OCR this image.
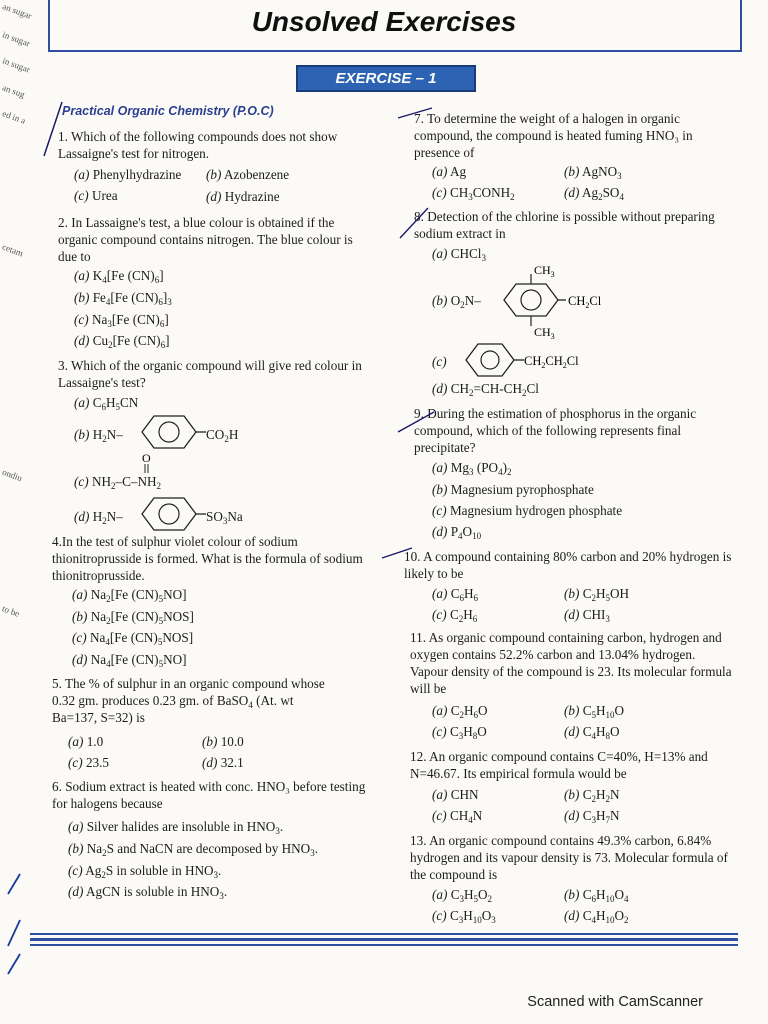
Unsolved Exercises
EXERCISE – 1
Practical Organic Chemistry (P.O.C)
an sugar
in sugar
in sugar
an sug
ed in a
cetam
ondiu
to be
1. Which of the following compounds does not show Lassaigne's test for nitrogen.
(a) Phenylhydrazine (b) Azobenzene
(c) Urea	(d) Hydrazine
2. In Lassaigne's test, a blue colour is obtained if the organic compound contains nitrogen. The blue colour is due to
(a) $K_4[Fe$ $(CN)_6$]
(b) $Fe_4[Fe$ $(CN)_6]_3$
(c) $Na_3[Fe$ $(CN)_6$]
(d) $Cu_2[Fe$ $(CN)_6$]
3. Which of the organic compound will give red colour in Lassaigne's test?
(a) $C_6H_5CN$
(b) $H_2N-$	$CO_2H$
(c) $NH_2-C-NH_2$
O
(d) $H_2N-$	$SO_3Na$
4.In the test of sulphur violet colour of sodium thionitroprusside is formed. What is the formula of sodium thionitroprusside.
(a) $Na_2[Fe$ $(CN)_5NO$]
(b) $Na_2[Fe$ $(CN)_5NOS$]
(c) $Na_4[Fe$ $(CN)_5NOS$]
(d) $Na_4[Fe$ $(CN)_5NO$]
5. The % of sulphur in an organic compound whose
0.32 gm. produces 0.23 gm. of BaSO$_4$ (At. wt
Ba=137, S=32) is
(a) 1.0	(b) 10.0
(c) 23.5	(d) 32.1
6. Sodium extract is heated with conc. HNO₃ before testing for halogens because
(a) Silver halides are insoluble in $HNO_3$.
(b) $Na_2S$ and NaCN are decomposed by $HNO_3$.
(c) $Ag_2S$ in soluble in $HNO_3$.
(d) AgCN is soluble in $HNO_3$.
7. To determine the weight of a halogen in organic compound, the compound is heated fuming HNO₃ in presence of
(a) Ag	(b) AgNO$_3$
(c) $CH_3CONH_2$	(d) $Ag_2SO_4$
8. Detection of the chlorine is possible without preparing sodium extract in
(a) CHCl$_3$
(b) $O_2N-$
$CH_3$
$CH_2Cl$
$CH_3$
(c)	$CH_2CH_2Cl$
(d) $CH_2=CH-CH_2Cl$
9. During the estimation of phosphorus in the organic compound, which of the following represents final precipitate?
(a) $Mg_3$ $(PO_4)_2$
(b) Magnesium pyrophosphate
(c) Magnesium hydrogen phosphate
(d) $P_4O_{10}$
10. A compound containing 80% carbon and 20% hydrogen is likely to be
(a) $C_6H_6$	(b) $C_2H_5OH$
(c) $C_2H_6$	(d) $CHI_3$
11. As organic compound containing carbon, hydrogen and oxygen contains 52.2% carbon and 13.04% hydrogen. Vapour density of the compound is 23. Its molecular formula will be
(a) $C_2H_6O$	(b) $C_5H_{10}O$
(c) $C_3H_8O$	(d) $C_4H_8O$
12. An organic compound contains C=40%, H=13% and N=46.67. Its empirical formula would be
(a) CHN	(b) $C_2H_2N$
(c) $CH_4N$	(d) $C_3H_7N$
13. An organic compound contains 49.3% carbon, 6.84% hydrogen and its vapour density is 73. Molecular formula of the compound is
(a) $C_3H_5O_2$	(b) $C_6H_{10}O_4$
(c) $C_3H_{10}O_3$	(d) $C_4H_{10}O_2$
Scanned with CamScanner
